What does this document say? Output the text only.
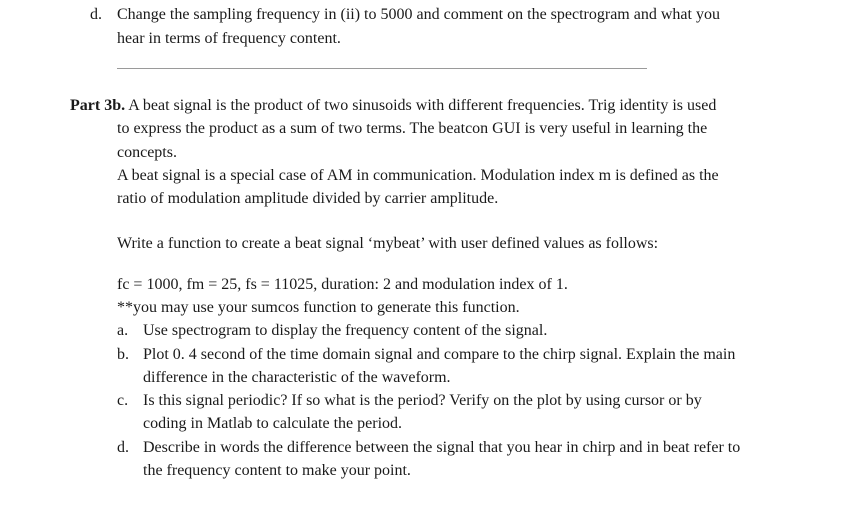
d. Change the sampling frequency in (ii) to 5000 and comment on the spectrogram and what you
hear in terms of frequency content.
Part 3b. A beat signal is the product of two sinusoids with different frequencies. Trig identity is used
to express the product as a sum of two terms. The beatcon GUI is very useful in learning the
concepts.
A beat signal is a special case of AM in communication. Modulation index m is defined as the
ratio of modulation amplitude divided by carrier amplitude.
Write a function to create a beat signal ‘mybeat’ with user defined values as follows:
fc = 1000, fm = 25, fs = 11025, duration: 2 and modulation index of 1.
**you may use your sumcos function to generate this function.
a. Use spectrogram to display the frequency content of the signal.
b. Plot 0. 4 second of the time domain signal and compare to the chirp signal. Explain the main
difference in the characteristic of the waveform.
c. Is this signal periodic? If so what is the period? Verify on the plot by using cursor or by
coding in Matlab to calculate the period.
d. Describe in words the difference between the signal that you hear in chirp and in beat refer to
the frequency content to make your point.
